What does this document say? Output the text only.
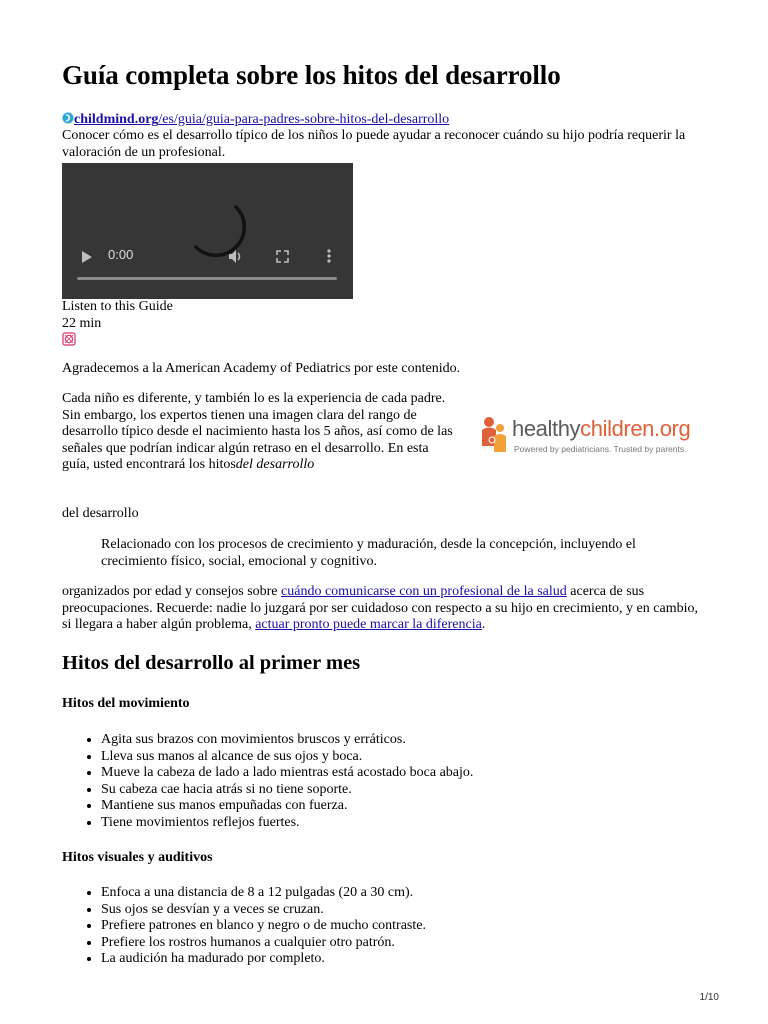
Guía completa sobre los hitos del desarrollo
childmind.org/es/guia/guia-para-padres-sobre-hitos-del-desarrollo

Conocer cómo es el desarrollo típico de los niños lo puede ayudar a reconocer cuándo su hijo podría requerir la valoración de un profesional.

0:00

Listen to this Guide

22 min

Agradecemos a la American Academy of Pediatrics por este contenido.

Cada niño es diferente, y también lo es la experiencia de cada padre. Sin embargo, los expertos tienen una imagen clara del rango de desarrollo típico desde el nacimiento hasta los 5 años, así como de las señales que podrían indicar algún retraso en el desarrollo. En esta guía, usted encontrará los hitosdel desarrollo

healthychildren.org
Powered by pediatricians. Trusted by parents.

del desarrollo

Relacionado con los procesos de crecimiento y maduración, desde la concepción, incluyendo el crecimiento físico, social, emocional y cognitivo.

organizados por edad y consejos sobre cuándo comunicarse con un profesional de la salud acerca de sus preocupaciones. Recuerde: nadie lo juzgará por ser cuidadoso con respecto a su hijo en crecimiento, y en cambio, si llegara a haber algún problema, actuar pronto puede marcar la diferencia.

Hitos del desarrollo al primer mes
Hitos del movimiento
• Agita sus brazos con movimientos bruscos y erráticos.
• Lleva sus manos al alcance de sus ojos y boca.
• Mueve la cabeza de lado a lado mientras está acostado boca abajo.
• Su cabeza cae hacia atrás si no tiene soporte.
• Mantiene sus manos empuñadas con fuerza.
• Tiene movimientos reflejos fuertes.
Hitos visuales y auditivos
• Enfoca a una distancia de 8 a 12 pulgadas (20 a 30 cm).
• Sus ojos se desvían y a veces se cruzan.
• Prefiere patrones en blanco y negro o de mucho contraste.
• Prefiere los rostros humanos a cualquier otro patrón.
• La audición ha madurado por completo.
1/10
